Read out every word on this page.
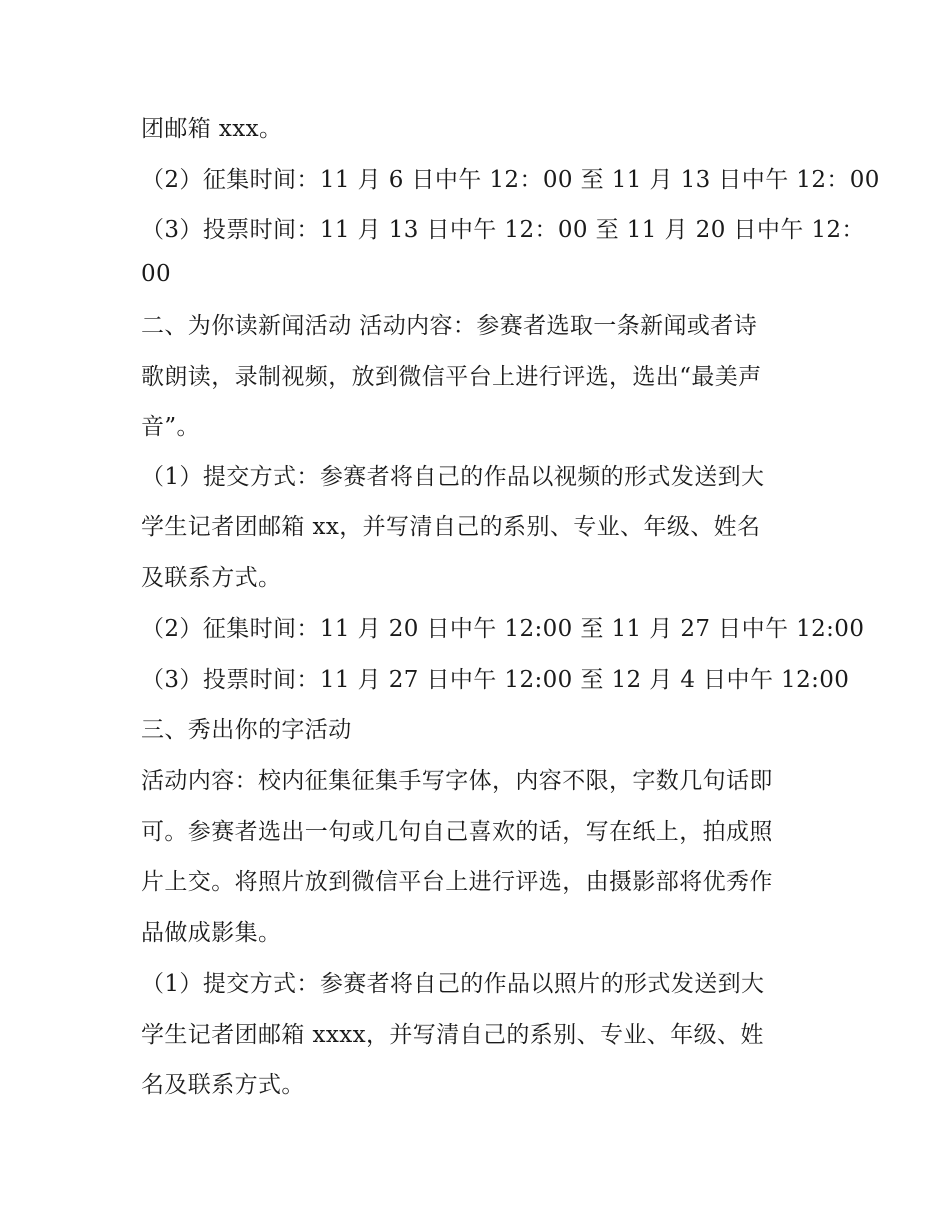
团邮箱 xxx。
（2）征集时间：11 月 6 日中午 12：00 至 11 月 13 日中午 12：00
（3）投票时间：11 月 13 日中午 12：00 至 11 月 20 日中午 12：
00
二、为你读新闻活动 活动内容：参赛者选取一条新闻或者诗
歌朗读，录制视频，放到微信平台上进行评选，选出“最美声
音”。
（1）提交方式：参赛者将自己的作品以视频的形式发送到大
学生记者团邮箱 xx，并写清自己的系别、专业、年级、姓名
及联系方式。
（2）征集时间：11 月 20 日中午 12:00 至 11 月 27 日中午 12:00
（3）投票时间：11 月 27 日中午 12:00 至 12 月 4 日中午 12:00
三、秀出你的字活动
活动内容：校内征集征集手写字体，内容不限，字数几句话即
可。参赛者选出一句或几句自己喜欢的话，写在纸上，拍成照
片上交。将照片放到微信平台上进行评选，由摄影部将优秀作
品做成影集。
（1）提交方式：参赛者将自己的作品以照片的形式发送到大
学生记者团邮箱 xxxx，并写清自己的系别、专业、年级、姓
名及联系方式。
